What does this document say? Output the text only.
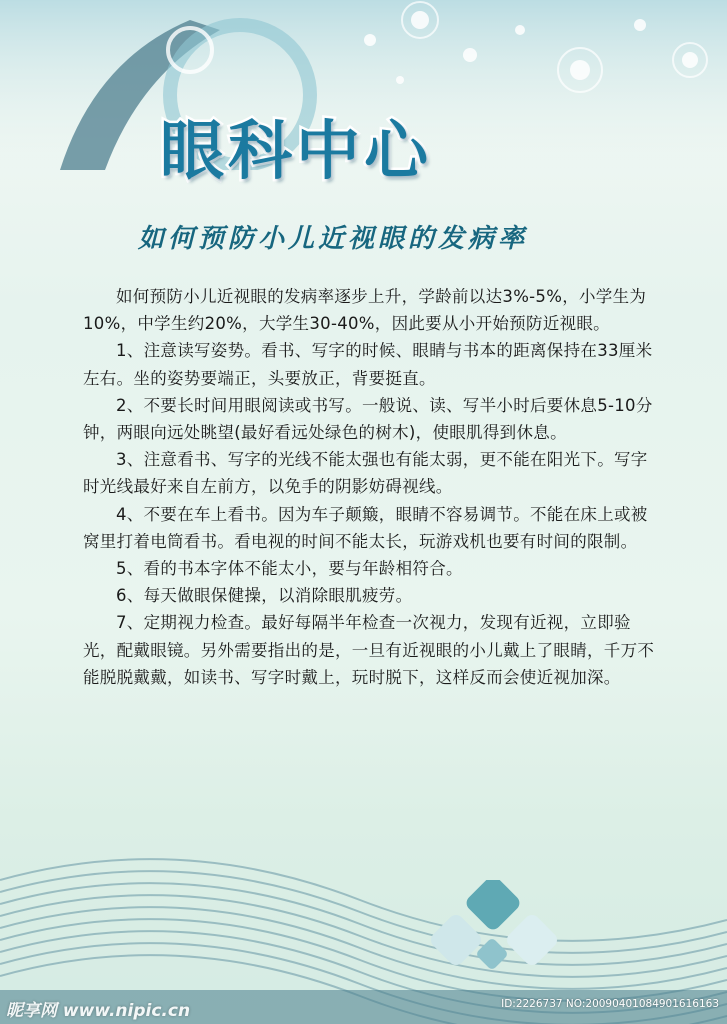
眼科中心
如何预防小儿近视眼的发病率

如何预防小儿近视眼的发病率逐步上升，学龄前以达3%-5%，小学生为10%，中学生约20%，大学生30-40%，因此要从小开始预防近视眼。

1、注意读写姿势。看书、写字的时候、眼睛与书本的距离保持在33厘米左右。坐的姿势要端正，头要放正，背要挺直。

2、不要长时间用眼阅读或书写。一般说、读、写半小时后要休息5-10分钟，两眼向远处眺望(最好看远处绿色的树木)，使眼肌得到休息。

3、注意看书、写字的光线不能太强也有能太弱，更不能在阳光下。写字时光线最好来自左前方，以免手的阴影妨碍视线。

4、不要在车上看书。因为车子颠簸，眼睛不容易调节。不能在床上或被窝里打着电筒看书。看电视的时间不能太长，玩游戏机也要有时间的限制。

5、看的书本字体不能太小，要与年龄相符合。

6、每天做眼保健操，以消除眼肌疲劳。

7、定期视力检查。最好每隔半年检查一次视力，发现有近视，立即验光，配戴眼镜。另外需要指出的是，一旦有近视眼的小儿戴上了眼睛，千万不能脱脱戴戴，如读书、写字时戴上，玩时脱下，这样反而会使近视加深。

昵享网 www.nipic.cn	ID:2226737 NO:20090401084901616163
